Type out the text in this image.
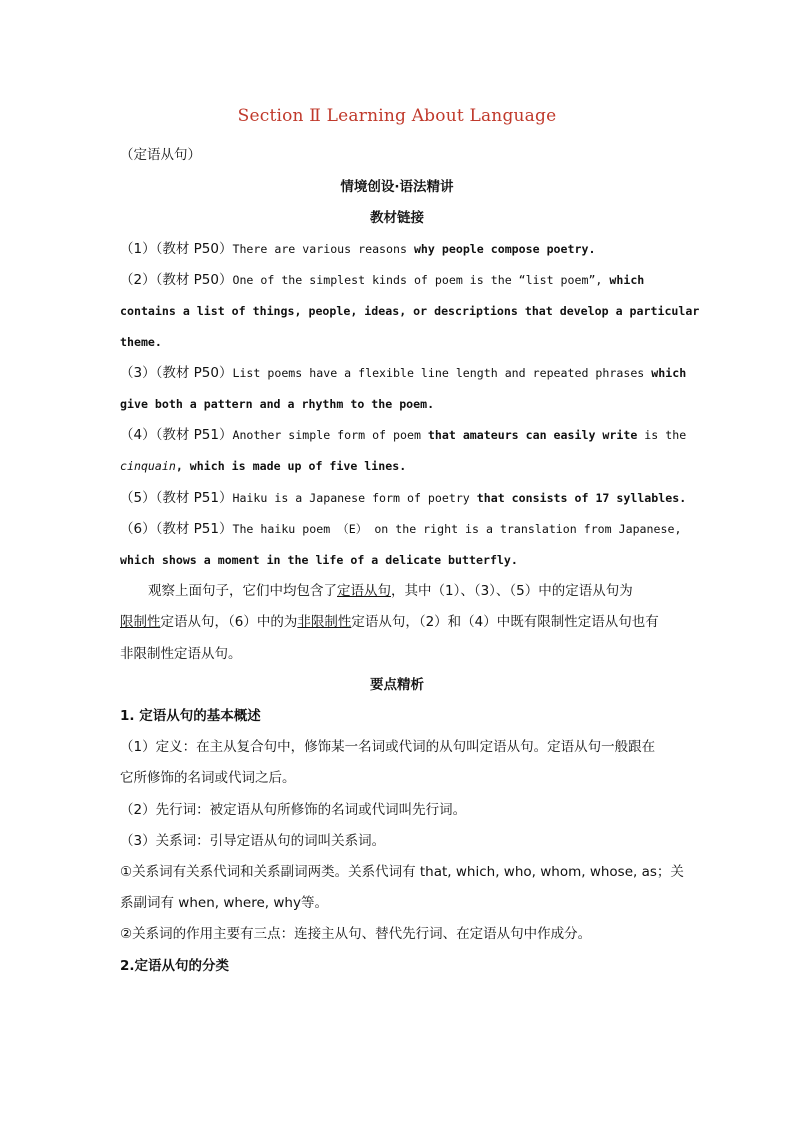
Section Ⅱ Learning About Language
（定语从句）
情境创设·语法精讲
教材链接
（1）（教材 P50）There are various reasons why people compose poetry.
（2）（教材 P50）One of the simplest kinds of poem is the “list poem”, which
contains a list of things, people, ideas, or descriptions that develop a particular
theme.
（3）（教材 P50）List poems have a flexible line length and repeated phrases which
give both a pattern and a rhythm to the poem.
（4）（教材 P51）Another simple form of poem that amateurs can easily write is the
cinquain, which is made up of five lines.
（5）（教材 P51）Haiku is a Japanese form of poetry that consists of 17 syllables.
（6）（教材 P51）The haiku poem （E） on the right is a translation from Japanese,
which shows a moment in the life of a delicate butterfly.
观察上面句子，它们中均包含了定语从句，其中（1）、（3）、（5）中的定语从句为
限制性定语从句，（6）中的为非限制性定语从句，（2）和（4）中既有限制性定语从句也有
非限制性定语从句。
要点精析
1. 定语从句的基本概述
（1）定义：在主从复合句中，修饰某一名词或代词的从句叫定语从句。定语从句一般跟在
它所修饰的名词或代词之后。
（2）先行词：被定语从句所修饰的名词或代词叫先行词。
（3）关系词：引导定语从句的词叫关系词。
①关系词有关系代词和关系副词两类。关系代词有 that, which, who, whom, whose, as；关
系副词有 when, where, why等。
②关系词的作用主要有三点：连接主从句、替代先行词、在定语从句中作成分。
2.定语从句的分类
